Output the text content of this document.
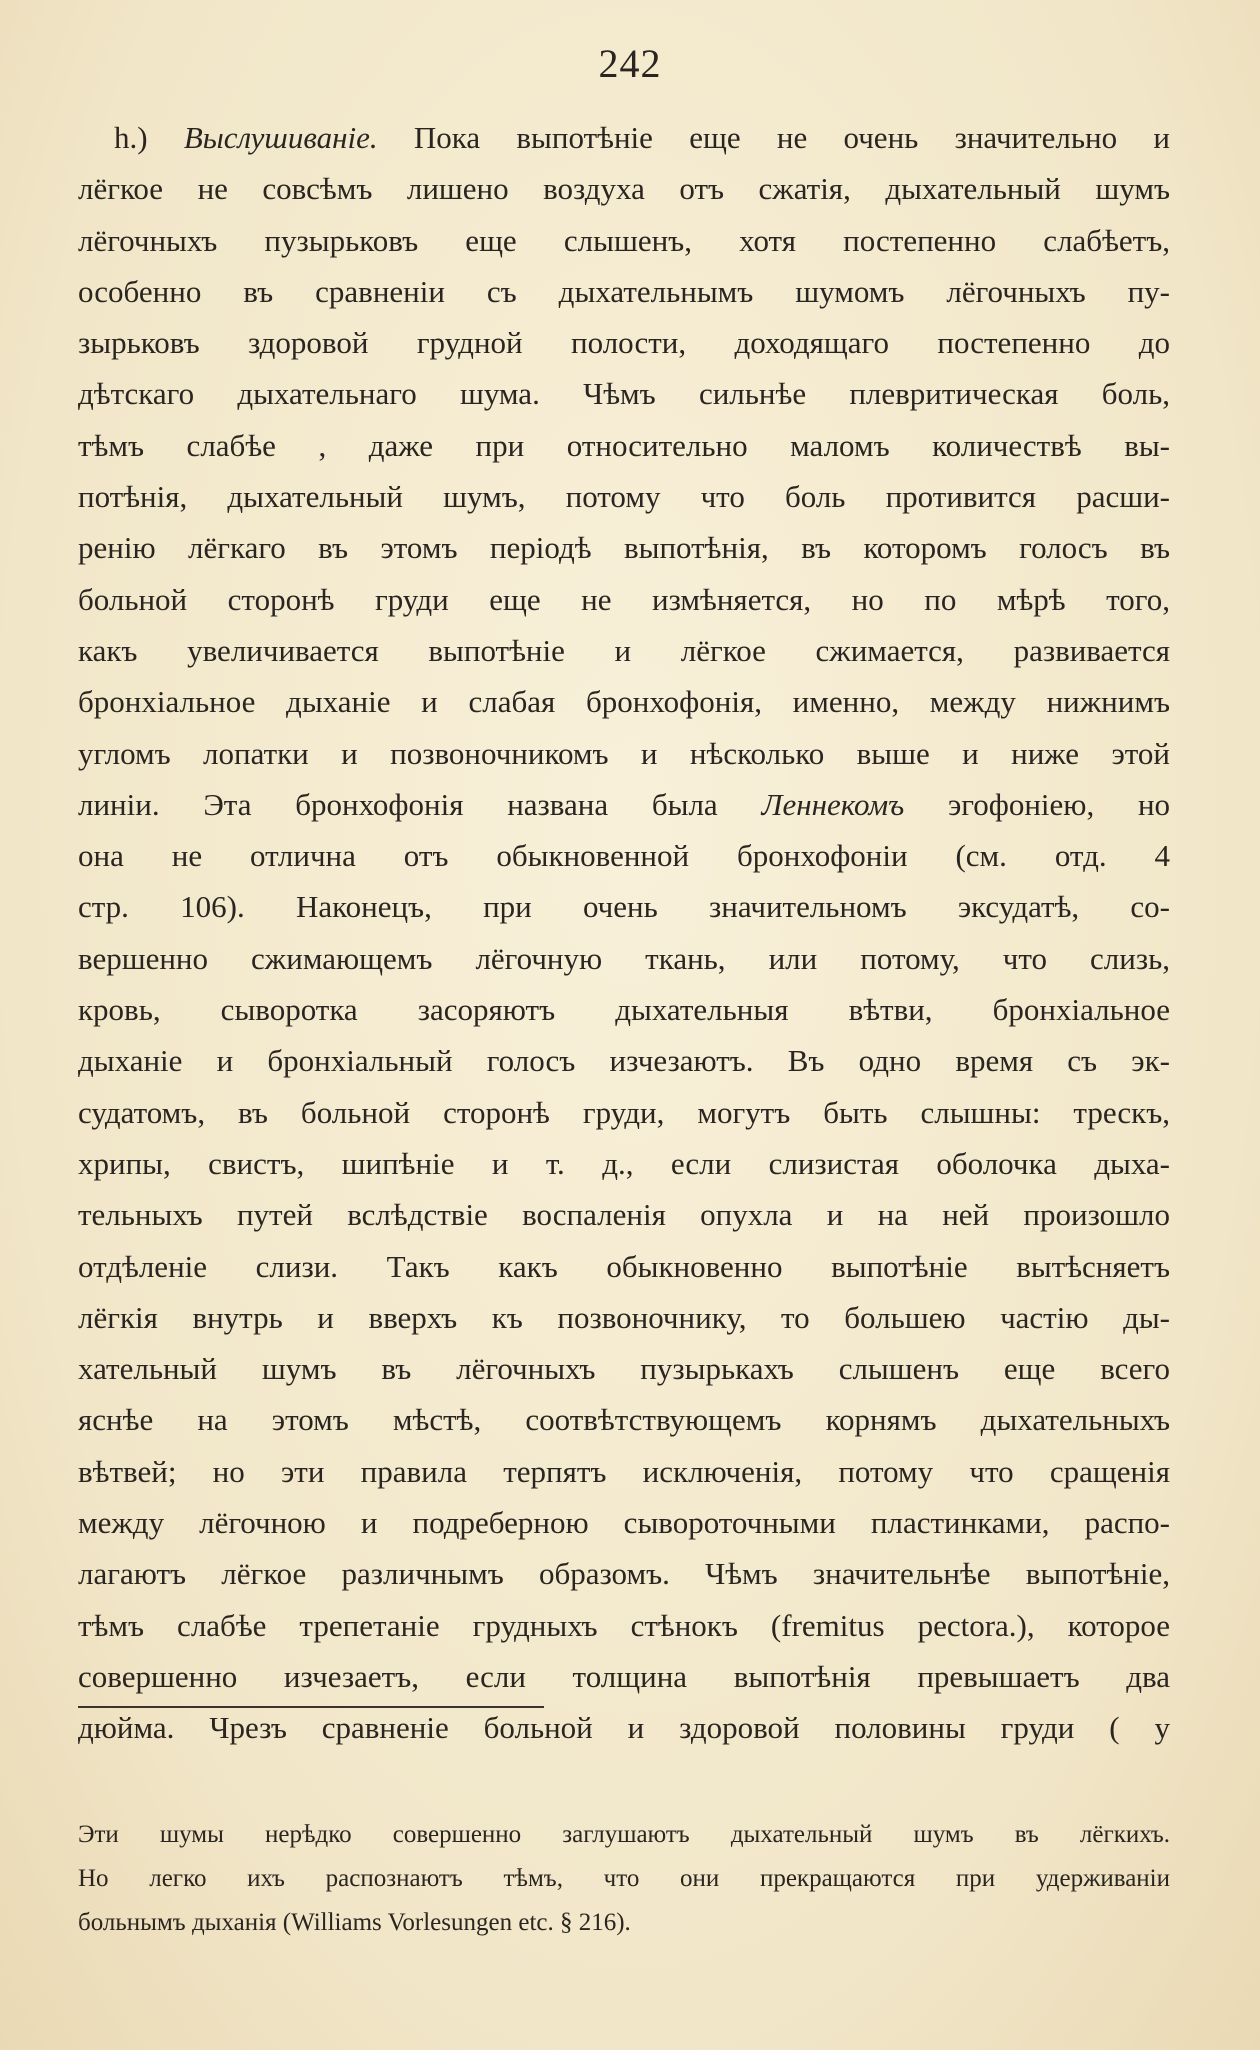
242
h.) Выслушиваніе. Пока выпотѣніе еще не очень значительно и
лёгкое не совсѣмъ лишено воздуха отъ сжатія, дыхательный шумъ
лёгочныхъ пузырьковъ еще слышенъ, хотя постепенно слабѣетъ,
особенно въ сравненіи съ дыхательнымъ шумомъ лёгочныхъ пу-
зырьковъ здоровой грудной полости, доходящаго постепенно до
дѣтскаго дыхательнаго шума. Чѣмъ сильнѣе плевритическая боль,
тѣмъ слабѣе , даже при относительно маломъ количествѣ вы-
потѣнія, дыхательный шумъ, потому что боль противится расши-
ренію лёгкаго въ этомъ періодѣ выпотѣнія, въ которомъ голосъ въ
больной сторонѣ груди еще не измѣняется, но по мѣрѣ того,
какъ увеличивается выпотѣніе и лёгкое сжимается, развивается
бронхіальное дыханіе и слабая бронхофонія, именно, между нижнимъ
угломъ лопатки и позвоночникомъ и нѣсколько выше и ниже этой
линіи. Эта бронхофонія названа была Леннекомъ эгофоніею, но
она не отлична отъ обыкновенной бронхофоніи (см. отд. 4
стр. 106). Наконецъ, при очень значительномъ эксудатѣ, со-
вершенно сжимающемъ лёгочную ткань, или потому, что слизь,
кровь, сыворотка засоряютъ дыхательныя вѣтви, бронхіальное
дыханіе и бронхіальный голосъ изчезаютъ. Въ одно время съ эк-
судатомъ, въ больной сторонѣ груди, могутъ быть слышны: трескъ,
хрипы, свистъ, шипѣніе и т. д., если слизистая оболочка дыха-
тельныхъ путей вслѣдствіе воспаленія опухла и на ней произошло
отдѣленіе слизи. Такъ какъ обыкновенно выпотѣніе вытѣсняетъ
лёгкія внутрь и вверхъ къ позвоночнику, то большею частію ды-
хательный шумъ въ лёгочныхъ пузырькахъ слышенъ еще всего
яснѣе на этомъ мѣстѣ, соотвѣтствующемъ корнямъ дыхательныхъ
вѣтвей; но эти правила терпятъ исключенія, потому что сращенія
между лёгочною и подреберною сывороточными пластинками, распо-
лагаютъ лёгкое различнымъ образомъ. Чѣмъ значительнѣе выпотѣніе,
тѣмъ слабѣе трепетаніе грудныхъ стѣнокъ (fremitus pectora.), которое
совершенно изчезаетъ, если толщина выпотѣнія превышаетъ два
дюйма. Чрезъ сравненіе больной и здоровой половины груди ( у
Эти шумы нерѣдко совершенно заглушаютъ дыхательный шумъ въ лёгкихъ.
Но легко ихъ распознаютъ тѣмъ, что они прекращаются при удерживаніи
больнымъ дыханія (Williams Vorlesungen etc. § 216).
